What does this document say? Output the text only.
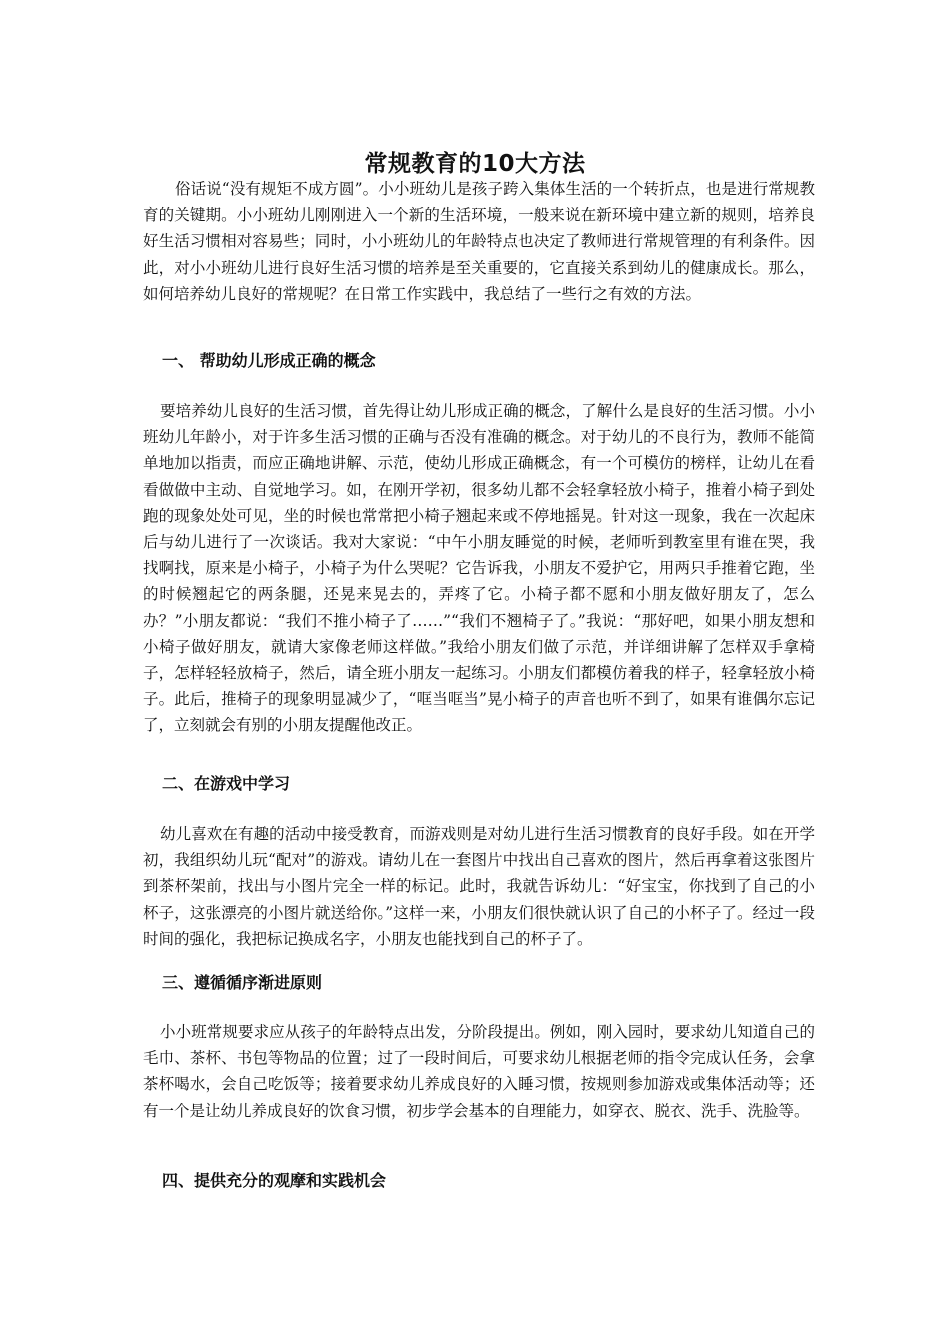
常规教育的10大方法

俗话说“没有规矩不成方圆”。小小班幼儿是孩子跨入集体生活的一个转折点，也是进行常规教育的关键期。小小班幼儿刚刚进入一个新的生活环境，一般来说在新环境中建立新的规则，培养良好生活习惯相对容易些；同时，小小班幼儿的年龄特点也决定了教师进行常规管理的有利条件。因此，对小小班幼儿进行良好生活习惯的培养是至关重要的，它直接关系到幼儿的健康成长。那么，如何培养幼儿良好的常规呢？在日常工作实践中，我总结了一些行之有效的方法。

一、 帮助幼儿形成正确的概念

要培养幼儿良好的生活习惯，首先得让幼儿形成正确的概念，了解什么是良好的生活习惯。小小班幼儿年龄小，对于许多生活习惯的正确与否没有准确的概念。对于幼儿的不良行为，教师不能简单地加以指责，而应正确地讲解、示范，使幼儿形成正确概念，有一个可模仿的榜样，让幼儿在看看做做中主动、自觉地学习。如，在刚开学初，很多幼儿都不会轻拿轻放小椅子，推着小椅子到处跑的现象处处可见，坐的时候也常常把小椅子翘起来或不停地摇晃。针对这一现象，我在一次起床后与幼儿进行了一次谈话。我对大家说：“中午小朋友睡觉的时候，老师听到教室里有谁在哭，我找啊找，原来是小椅子，小椅子为什么哭呢？它告诉我，小朋友不爱护它，用两只手推着它跑，坐的时候翘起它的两条腿，还晃来晃去的，弄疼了它。小椅子都不愿和小朋友做好朋友了，怎么办？”小朋友都说：“我们不推小椅子了……”“我们不翘椅子了。”我说：“那好吧，如果小朋友想和小椅子做好朋友，就请大家像老师这样做。”我给小朋友们做了示范，并详细讲解了怎样双手拿椅子，怎样轻轻放椅子，然后，请全班小朋友一起练习。小朋友们都模仿着我的样子，轻拿轻放小椅子。此后，推椅子的现象明显减少了，“哐当哐当”晃小椅子的声音也听不到了，如果有谁偶尔忘记了，立刻就会有别的小朋友提醒他改正。

二、在游戏中学习

幼儿喜欢在有趣的活动中接受教育，而游戏则是对幼儿进行生活习惯教育的良好手段。如在开学初，我组织幼儿玩“配对”的游戏。请幼儿在一套图片中找出自己喜欢的图片，然后再拿着这张图片到茶杯架前，找出与小图片完全一样的标记。此时，我就告诉幼儿：“好宝宝，你找到了自己的小杯子，这张漂亮的小图片就送给你。”这样一来，小朋友们很快就认识了自己的小杯子了。经过一段时间的强化，我把标记换成名字，小朋友也能找到自己的杯子了。

三、遵循循序渐进原则

小小班常规要求应从孩子的年龄特点出发，分阶段提出。例如，刚入园时，要求幼儿知道自己的毛巾、茶杯、书包等物品的位置；过了一段时间后，可要求幼儿根据老师的指令完成认任务，会拿茶杯喝水，会自己吃饭等；接着要求幼儿养成良好的入睡习惯，按规则参加游戏或集体活动等；还有一个是让幼儿养成良好的饮食习惯，初步学会基本的自理能力，如穿衣、脱衣、洗手、洗脸等。

四、提供充分的观摩和实践机会
